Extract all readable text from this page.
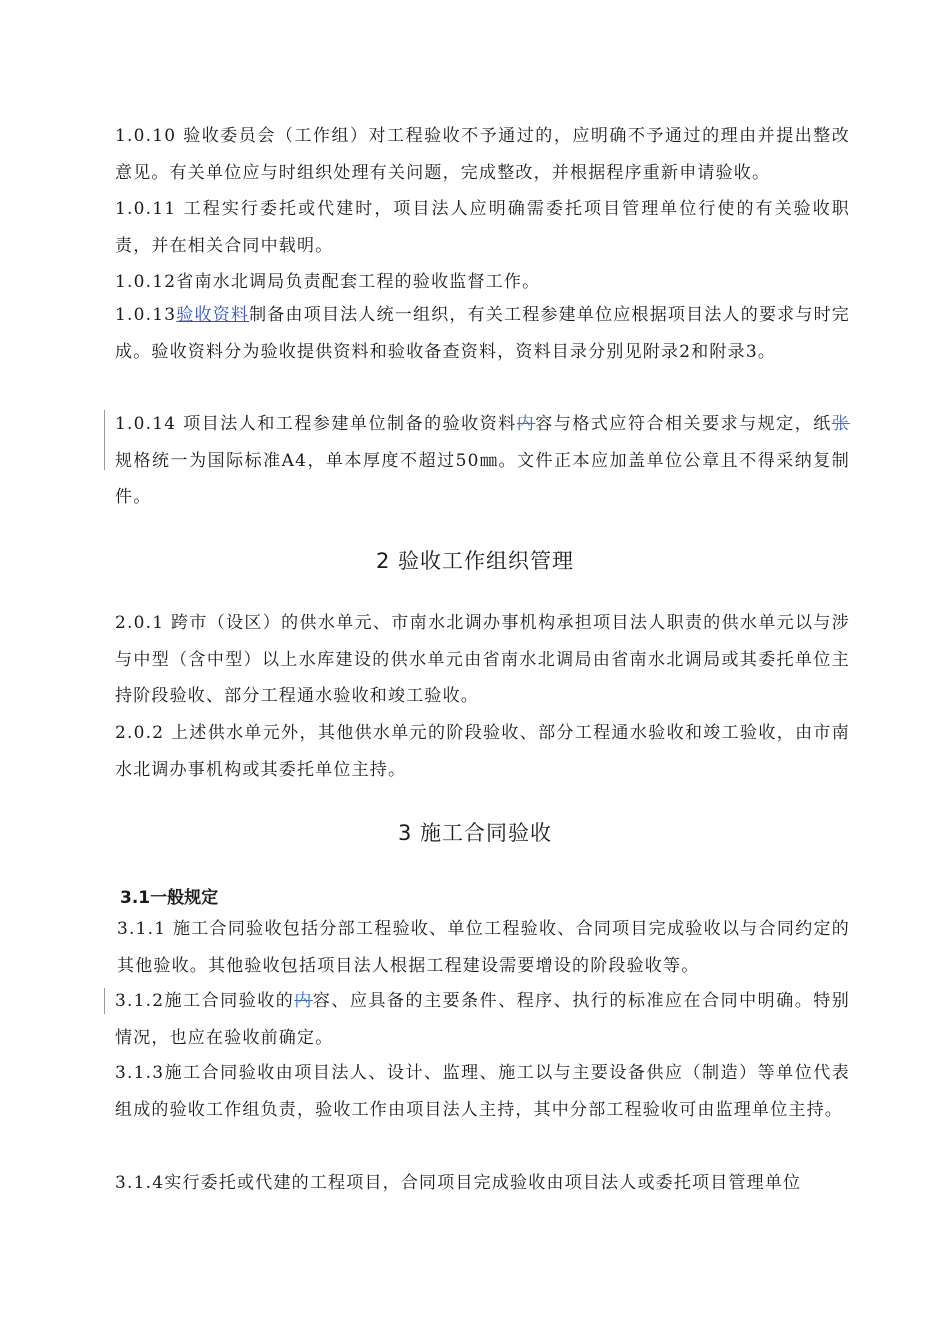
1.0.10 验收委员会（工作组）对工程验收不予通过的，应明确不予通过的理由并提出整改意见。有关单位应与时组织处理有关问题，完成整改，并根据程序重新申请验收。

1.0.11 工程实行委托或代建时，项目法人应明确需委托项目管理单位行使的有关验收职责，并在相关合同中载明。

1.0.12省南水北调局负责配套工程的验收监督工作。

1.0.13验收资料制备由项目法人统一组织，有关工程参建单位应根据项目法人的要求与时完成。验收资料分为验收提供资料和验收备查资料，资料目录分别见附录2和附录3。

1.0.14 项目法人和工程参建单位制备的验收资料内容与格式应符合相关要求与规定，纸张规格统一为国际标准A4，单本厚度不超过50㎜。文件正本应加盖单位公章且不得采纳复制件。

2 验收工作组织管理

2.0.1 跨市（设区）的供水单元、市南水北调办事机构承担项目法人职责的供水单元以与涉与中型（含中型）以上水库建设的供水单元由省南水北调局由省南水北调局或其委托单位主持阶段验收、部分工程通水验收和竣工验收。

2.0.2 上述供水单元外，其他供水单元的阶段验收、部分工程通水验收和竣工验收，由市南水北调办事机构或其委托单位主持。

3 施工合同验收
3.1一般规定

3.1.1 施工合同验收包括分部工程验收、单位工程验收、合同项目完成验收以与合同约定的其他验收。其他验收包括项目法人根据工程建设需要增设的阶段验收等。

3.1.2施工合同验收的内容、应具备的主要条件、程序、执行的标准应在合同中明确。特别情况，也应在验收前确定。

3.1.3施工合同验收由项目法人、设计、监理、施工以与主要设备供应（制造）等单位代表组成的验收工作组负责，验收工作由项目法人主持，其中分部工程验收可由监理单位主持。

3.1.4实行委托或代建的工程项目，合同项目完成验收由项目法人或委托项目管理单位
